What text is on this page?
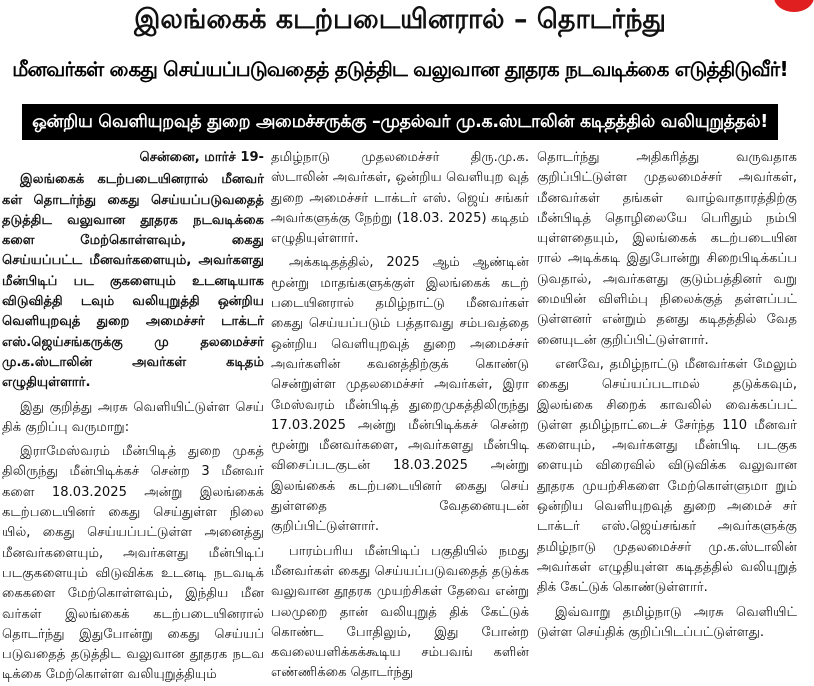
இலங்கைக் கடற்படையினரால் – தொடர்ந்து
மீனவர்கள் கைது செய்யப்படுவதைத் தடுத்திட வலுவான தூதரக நடவடிக்கை எடுத்திடுவீர்!
ஒன்றிய வெளியுறவுத் துறை அமைச்சருக்கு –முதல்வர் மு.க.ஸ்டாலின் கடிதத்தில் வலியுறுத்தல்!
சென்னை, மார்ச் 19-

இலங்கைக் கடற்படையினரால் மீனவர் கள் தொடர்ந்து கைது செய்யப்படுவதைத் தடுத்திட வலுவான தூதரக நடவடிக்கை களை மேற்கொள்ளவும், கைது செய்யப்பட்ட மீனவர்களையும், அவர்களது மீன்பிடிப் பட குகளையும் உடனடியாக விடுவித்தி டவும் வலியுறுத்தி ஒன்றிய வெளியுறவுத் துறை அமைச்சர் டாக்டர் எஸ்.ஜெய்சங்கருக்கு மு தலமைச்சர் மு.க.ஸ்டாலின் அவர்கள் கடிதம் எழுதியுள்ளார்.

இது குறித்து அரசு வெளியிட்டுள்ள செய் திக் குறிப்பு வருமாறு:

இராமேஸ்வரம் மீன்பிடித் துறை முகத் திலிருந்து மீன்பிடிக்கச் சென்ற 3 மீனவர் களை 18.03.2025 அன்று இலங்கைக் கடற்படையினர் கைது செய்துள்ள நிலை யில், கைது செய்யப்பட்டுள்ள அனைத்து மீனவர்களையும், அவர்களது மீன்பிடிப் படகுகளையும் விடுவிக்க உடனடி நடவடிக் கைகளை மேற்கொள்ளவும், இந்திய மீன வர்கள் இலங்கைக் கடற்படையினரால் தொடர்ந்து இதுபோன்று கைது செய்யப் படுவதைத் தடுத்திட வலுவான தூதரக நடவ டிக்கை மேற்கொள்ள வலியுறுத்தியும்

தமிழ்நாடு முதலமைச்சர் திரு.மு.க. ஸ்டாலின் அவர்கள், ஒன்றிய வெளியுற வுத் துறை அமைச்சர் டாக்டர் எஸ். ஜெய் சங்கர் அவர்களுக்கு நேற்று (18.03. 2025) கடிதம் எழுதியுள்ளார்.

அக்கடிதத்தில், 2025 ஆம் ஆண்டின் மூன்று மாதங்களுக்குள் இலங்கைக் கடற் படையினரால் தமிழ்நாட்டு மீனவர்கள் கைது செய்யப்படும் பத்தாவது சம்பவத்தை ஒன்றிய வெளியுறவுத் துறை அமைச்சர் அவர்களின் கவனத்திற்குக் கொண்டு சென்றுள்ள முதலமைச்சர் அவர்கள், இரா மேஸ்வரம் மீன்பிடித் துறைமுகத்திலிருந்து 17.03.2025 அன்று மீன்பிடிக்கச் சென்ற மூன்று மீனவர்களை, அவர்களது மீன்பிடி விசைப்படகுடன் 18.03.2025 அன்று இலங்கைக் கடற்படையினர் கைது செய் துள்ளதை வேதனையுடன் குறிப்பிட்டுள்ளார்.

பாரம்பரிய மீன்பிடிப் பகுதியில் நமது மீனவர்கள் கைது செய்யப்படுவதைத் தடுக்க வலுவான தூதரக முயற்சிகள் தேவை என்று பலமுறை தான் வலியுறுத் திக் கேட்டுக் கொண்ட போதிலும், இது போன்ற கவலையளிக்கக்கூடிய சம்பவங் களின் எண்ணிக்கை தொடர்ந்து

தொடர்ந்து அதிகரித்து வருவதாக குறிப்பிட்டுள்ள முதலமைச்சர் அவர்கள், மீனவர்கள் தங்கள் வாழ்வாதாரத்திற்கு மீன்பிடித் தொழிலையே பெரிதும் நம்பி யுள்ளதையும், இலங்கைக் கடற்படையின ரால் அடிக்கடி இதுபோன்று சிறைபிடிக்கப்ப டுவதால், அவர்களது குடும்பத்தினர் வறு மையின் விளிம்பு நிலைக்குத் தள்ளப்பட் டுள்ளனர் என்றும் தனது கடிதத்தில் வேத னையுடன் குறிப்பிட்டுள்ளார்.

எனவே, தமிழ்நாட்டு மீனவர்கள் மேலும் கைது செய்யப்படாமல் தடுக்கவும், இலங்கை சிறைக் காவலில் வைக்கப்பட் டுள்ள தமிழ்நாட்டைச் சேர்ந்த 110 மீனவர் களையும், அவர்களது மீன்பிடி படகுக ளையும் விரைவில் விடுவிக்க வலுவான தூதரக முயற்சிகளை மேற்கொள்ளுமா றும் ஒன்றிய வெளியுறவுத் துறை அமைச் சர் டாக்டர் எஸ்.ஜெய்சங்கர் அவர்களுக்கு தமிழ்நாடு முதலமைச்சர் மு.க.ஸ்டாலின் அவர்கள் எழுதியுள்ள கடிதத்தில் வலியுறுத் திக் கேட்டுக் கொண்டுள்ளார்.

இவ்வாறு தமிழ்நாடு அரசு வெளியிட் டுள்ள செய்திக் குறிப்பிடப்பட்டுள்ளது.
